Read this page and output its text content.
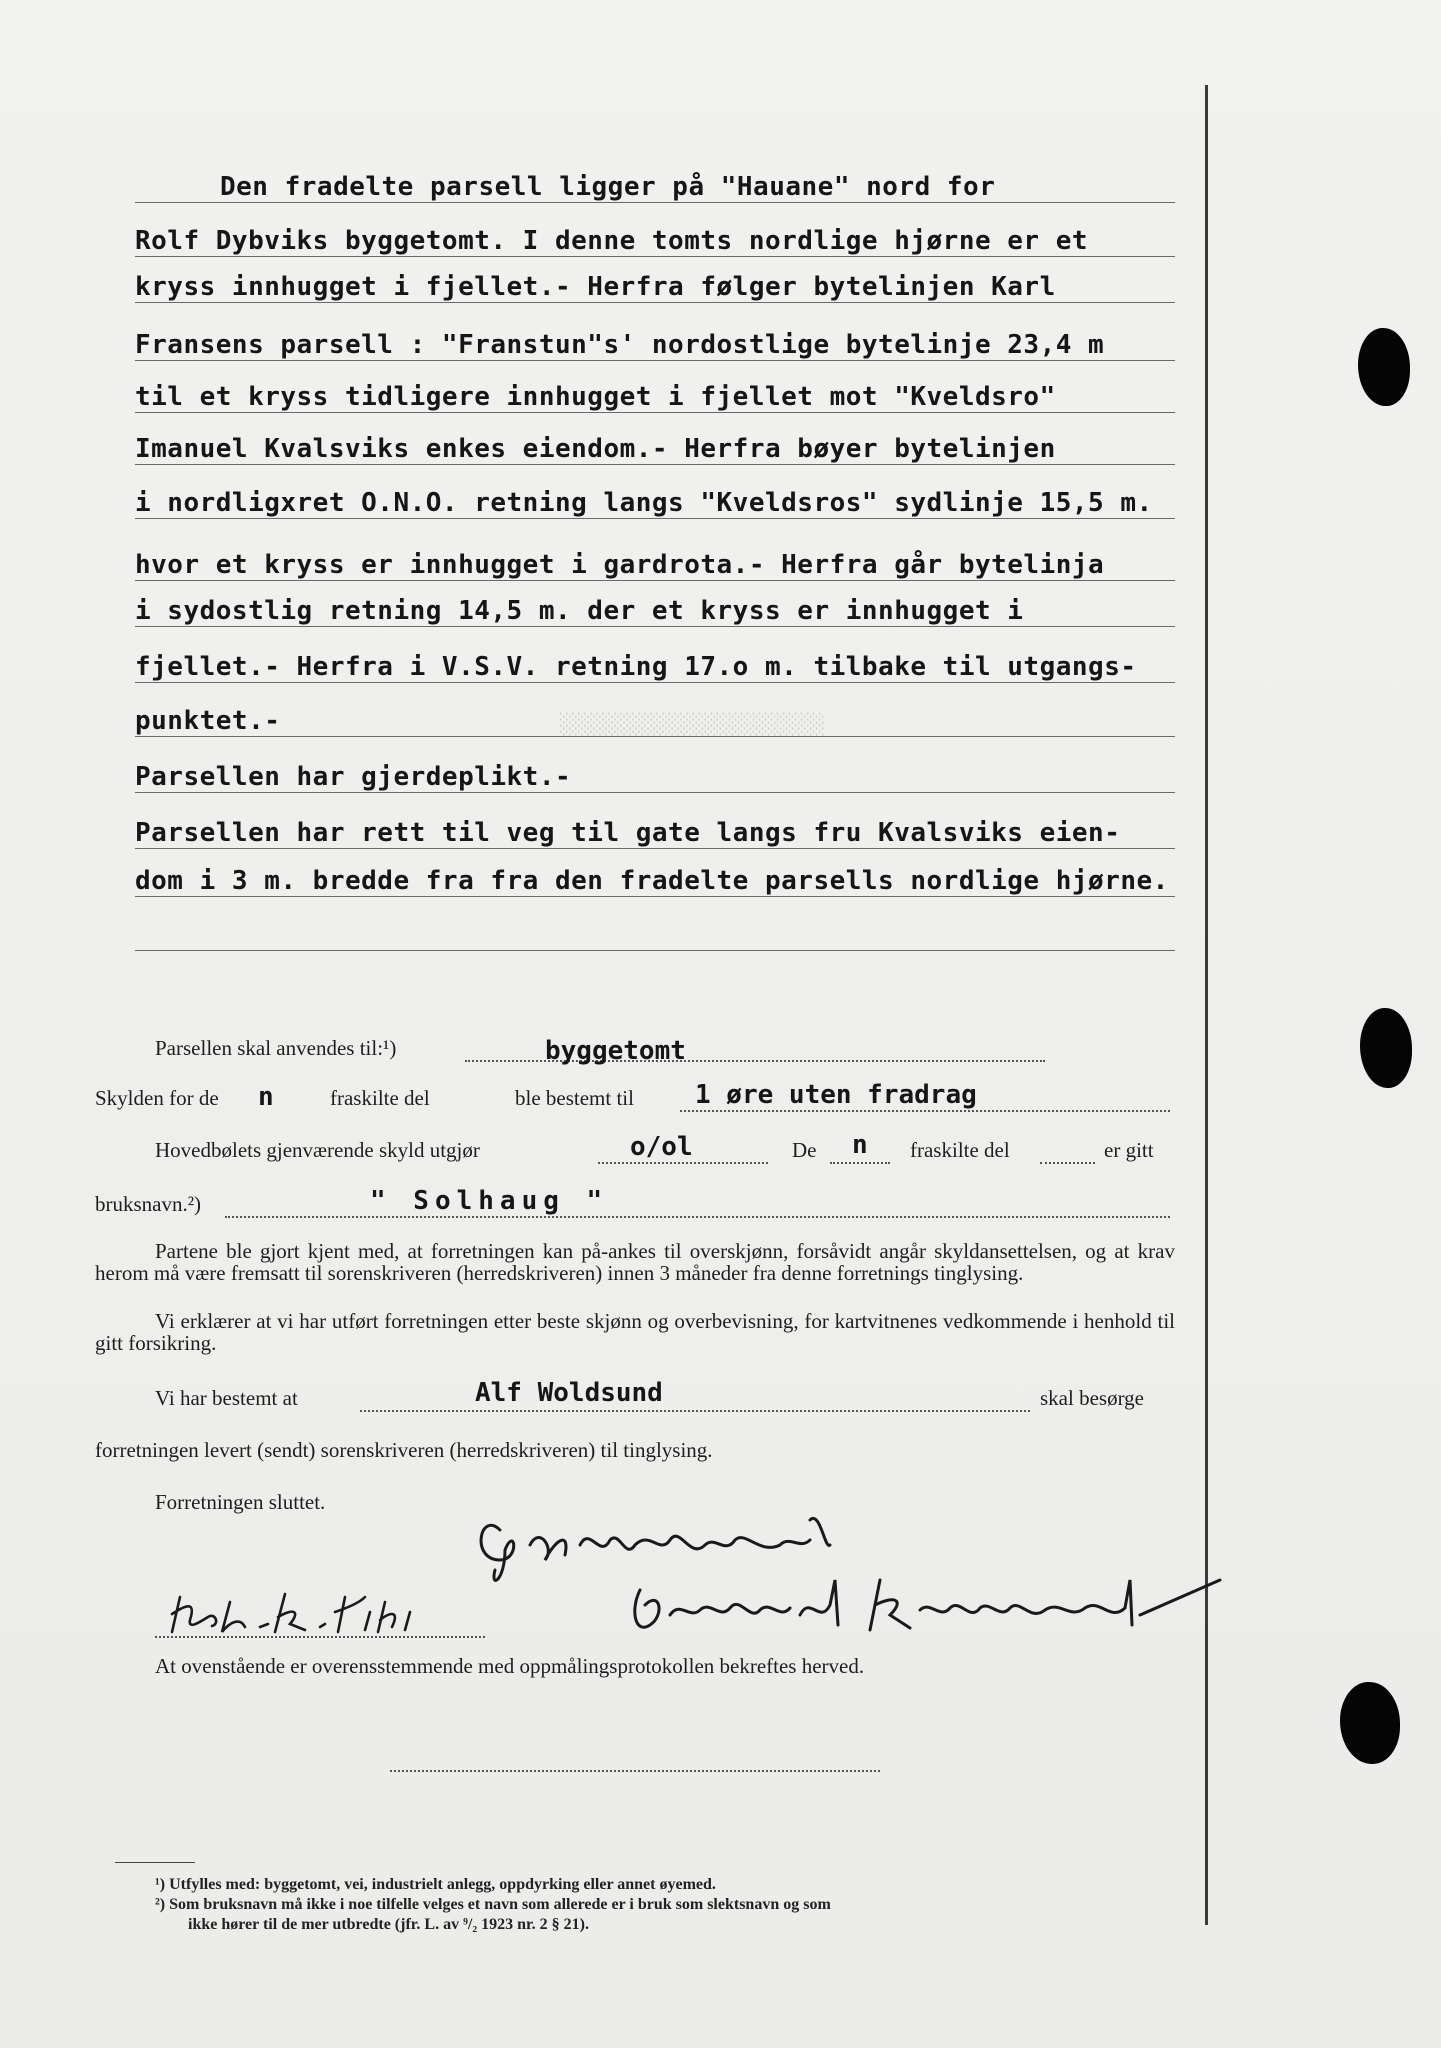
░░░░░░░░░░░░░░░░░░░░░░
Den fradelte parsell ligger på "Hauane" nord for
Rolf Dybviks byggetomt. I denne tomts nordlige hjørne er et
kryss innhugget i fjellet.- Herfra følger bytelinjen Karl
Fransens parsell : "Franstun"s' nordostlige bytelinje 23,4 m
til et kryss tidligere innhugget i fjellet mot "Kveldsro"
Imanuel Kvalsviks enkes eiendom.- Herfra bøyer bytelinjen
i nordligxret O.N.O. retning langs "Kveldsros" sydlinje 15,5 m.
hvor et kryss er innhugget i gardrota.- Herfra går bytelinja
i sydostlig retning 14,5 m. der et kryss er innhugget i
fjellet.- Herfra i V.S.V. retning 17.o m. tilbake til utgangs-
punktet.-
Parsellen har gjerdeplikt.-
Parsellen har rett til veg til gate langs fru Kvalsviks eien-
dom i 3 m. bredde fra fra den fradelte parsells nordlige hjørne.
Parsellen skal anvendes til:¹)	byggetomt
Skylden for de n	fraskilte del	ble bestemt til 1 øre uten fradrag
Hovedbølets gjenværende skyld utgjør	o/ol	De n fraskilte del	er gitt
bruksnavn.²)	" Solhaug "
Partene ble gjort kjent med, at forretningen kan på-ankes til overskjønn, forsåvidt angår skyldansettelsen, og at krav herom må være fremsatt til sorenskriveren (herredskriveren) innen 3 måneder fra denne forretnings tinglysing.
Vi erklærer at vi har utført forretningen etter beste skjønn og overbevisning, for kartvitnenes vedkommende i henhold til gitt forsikring.
Vi har bestemt at	Alf Woldsund	skal besørge
forretningen levert (sendt) sorenskriveren (herredskriveren) til tinglysing.
Forretningen sluttet.
At ovenstående er overensstemmende med oppmålingsprotokollen bekreftes herved.
¹) Utfylles med: byggetomt, vei, industrielt anlegg, oppdyrking eller annet øyemed.
²) Som bruksnavn må ikke i noe tilfelle velges et navn som allerede er i bruk som slektsnavn og som
ikke hører til de mer utbredte (jfr. L. av ⁹/₂ 1923 nr. 2 § 21).
